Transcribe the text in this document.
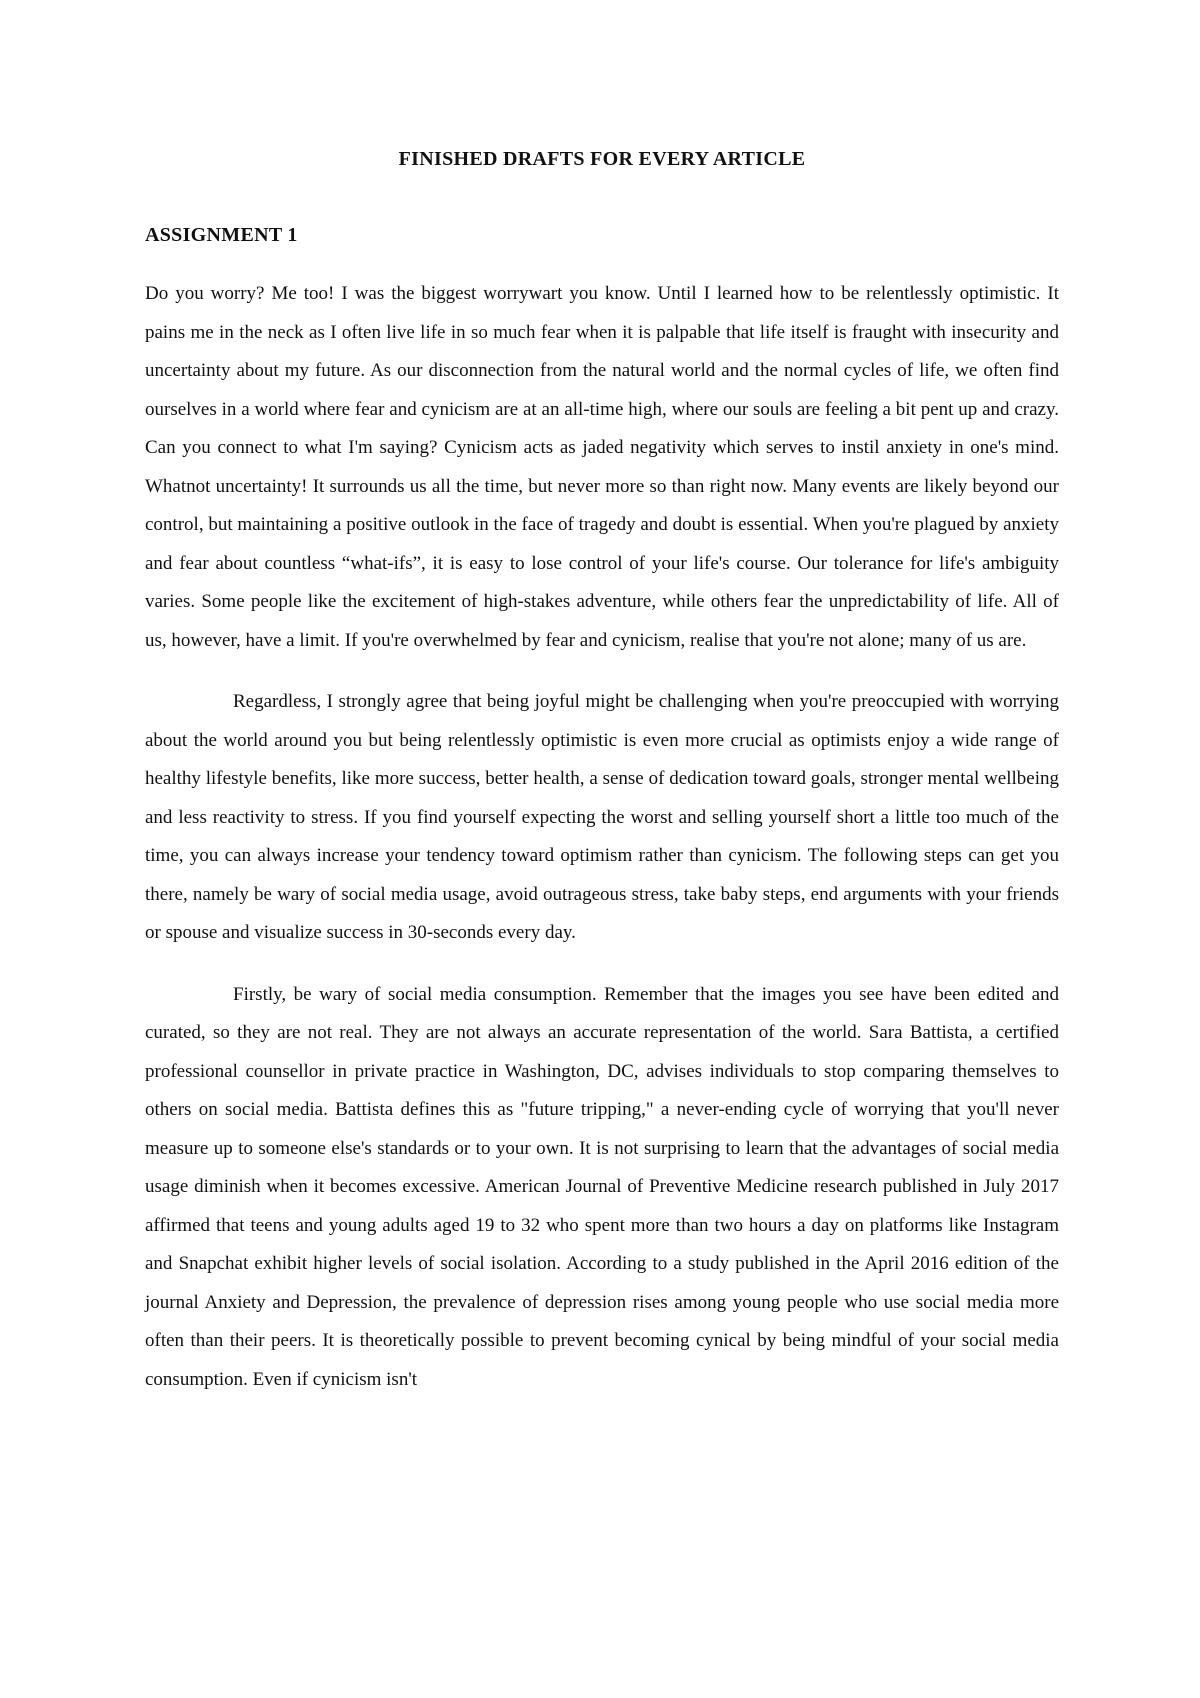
FINISHED DRAFTS FOR EVERY ARTICLE
ASSIGNMENT 1

Do you worry? Me too! I was the biggest worrywart you know. Until I learned how to be relentlessly optimistic. It pains me in the neck as I often live life in so much fear when it is palpable that life itself is fraught with insecurity and uncertainty about my future. As our disconnection from the natural world and the normal cycles of life, we often find ourselves in a world where fear and cynicism are at an all-time high, where our souls are feeling a bit pent up and crazy. Can you connect to what I'm saying? Cynicism acts as jaded negativity which serves to instil anxiety in one's mind. Whatnot uncertainty! It surrounds us all the time, but never more so than right now. Many events are likely beyond our control, but maintaining a positive outlook in the face of tragedy and doubt is essential. When you're plagued by anxiety and fear about countless “what-ifs”, it is easy to lose control of your life's course. Our tolerance for life's ambiguity varies. Some people like the excitement of high-stakes adventure, while others fear the unpredictability of life. All of us, however, have a limit. If you're overwhelmed by fear and cynicism, realise that you're not alone; many of us are.

Regardless, I strongly agree that being joyful might be challenging when you're preoccupied with worrying about the world around you but being relentlessly optimistic is even more crucial as optimists enjoy a wide range of healthy lifestyle benefits, like more success, better health, a sense of dedication toward goals, stronger mental wellbeing and less reactivity to stress. If you find yourself expecting the worst and selling yourself short a little too much of the time, you can always increase your tendency toward optimism rather than cynicism. The following steps can get you there, namely be wary of social media usage, avoid outrageous stress, take baby steps, end arguments with your friends or spouse and visualize success in 30-seconds every day.

Firstly, be wary of social media consumption. Remember that the images you see have been edited and curated, so they are not real. They are not always an accurate representation of the world. Sara Battista, a certified professional counsellor in private practice in Washington, DC, advises individuals to stop comparing themselves to others on social media. Battista defines this as "future tripping," a never-ending cycle of worrying that you'll never measure up to someone else's standards or to your own. It is not surprising to learn that the advantages of social media usage diminish when it becomes excessive. American Journal of Preventive Medicine research published in July 2017 affirmed that teens and young adults aged 19 to 32 who spent more than two hours a day on platforms like Instagram and Snapchat exhibit higher levels of social isolation. According to a study published in the April 2016 edition of the journal Anxiety and Depression, the prevalence of depression rises among young people who use social media more often than their peers. It is theoretically possible to prevent becoming cynical by being mindful of your social media consumption. Even if cynicism isn't
